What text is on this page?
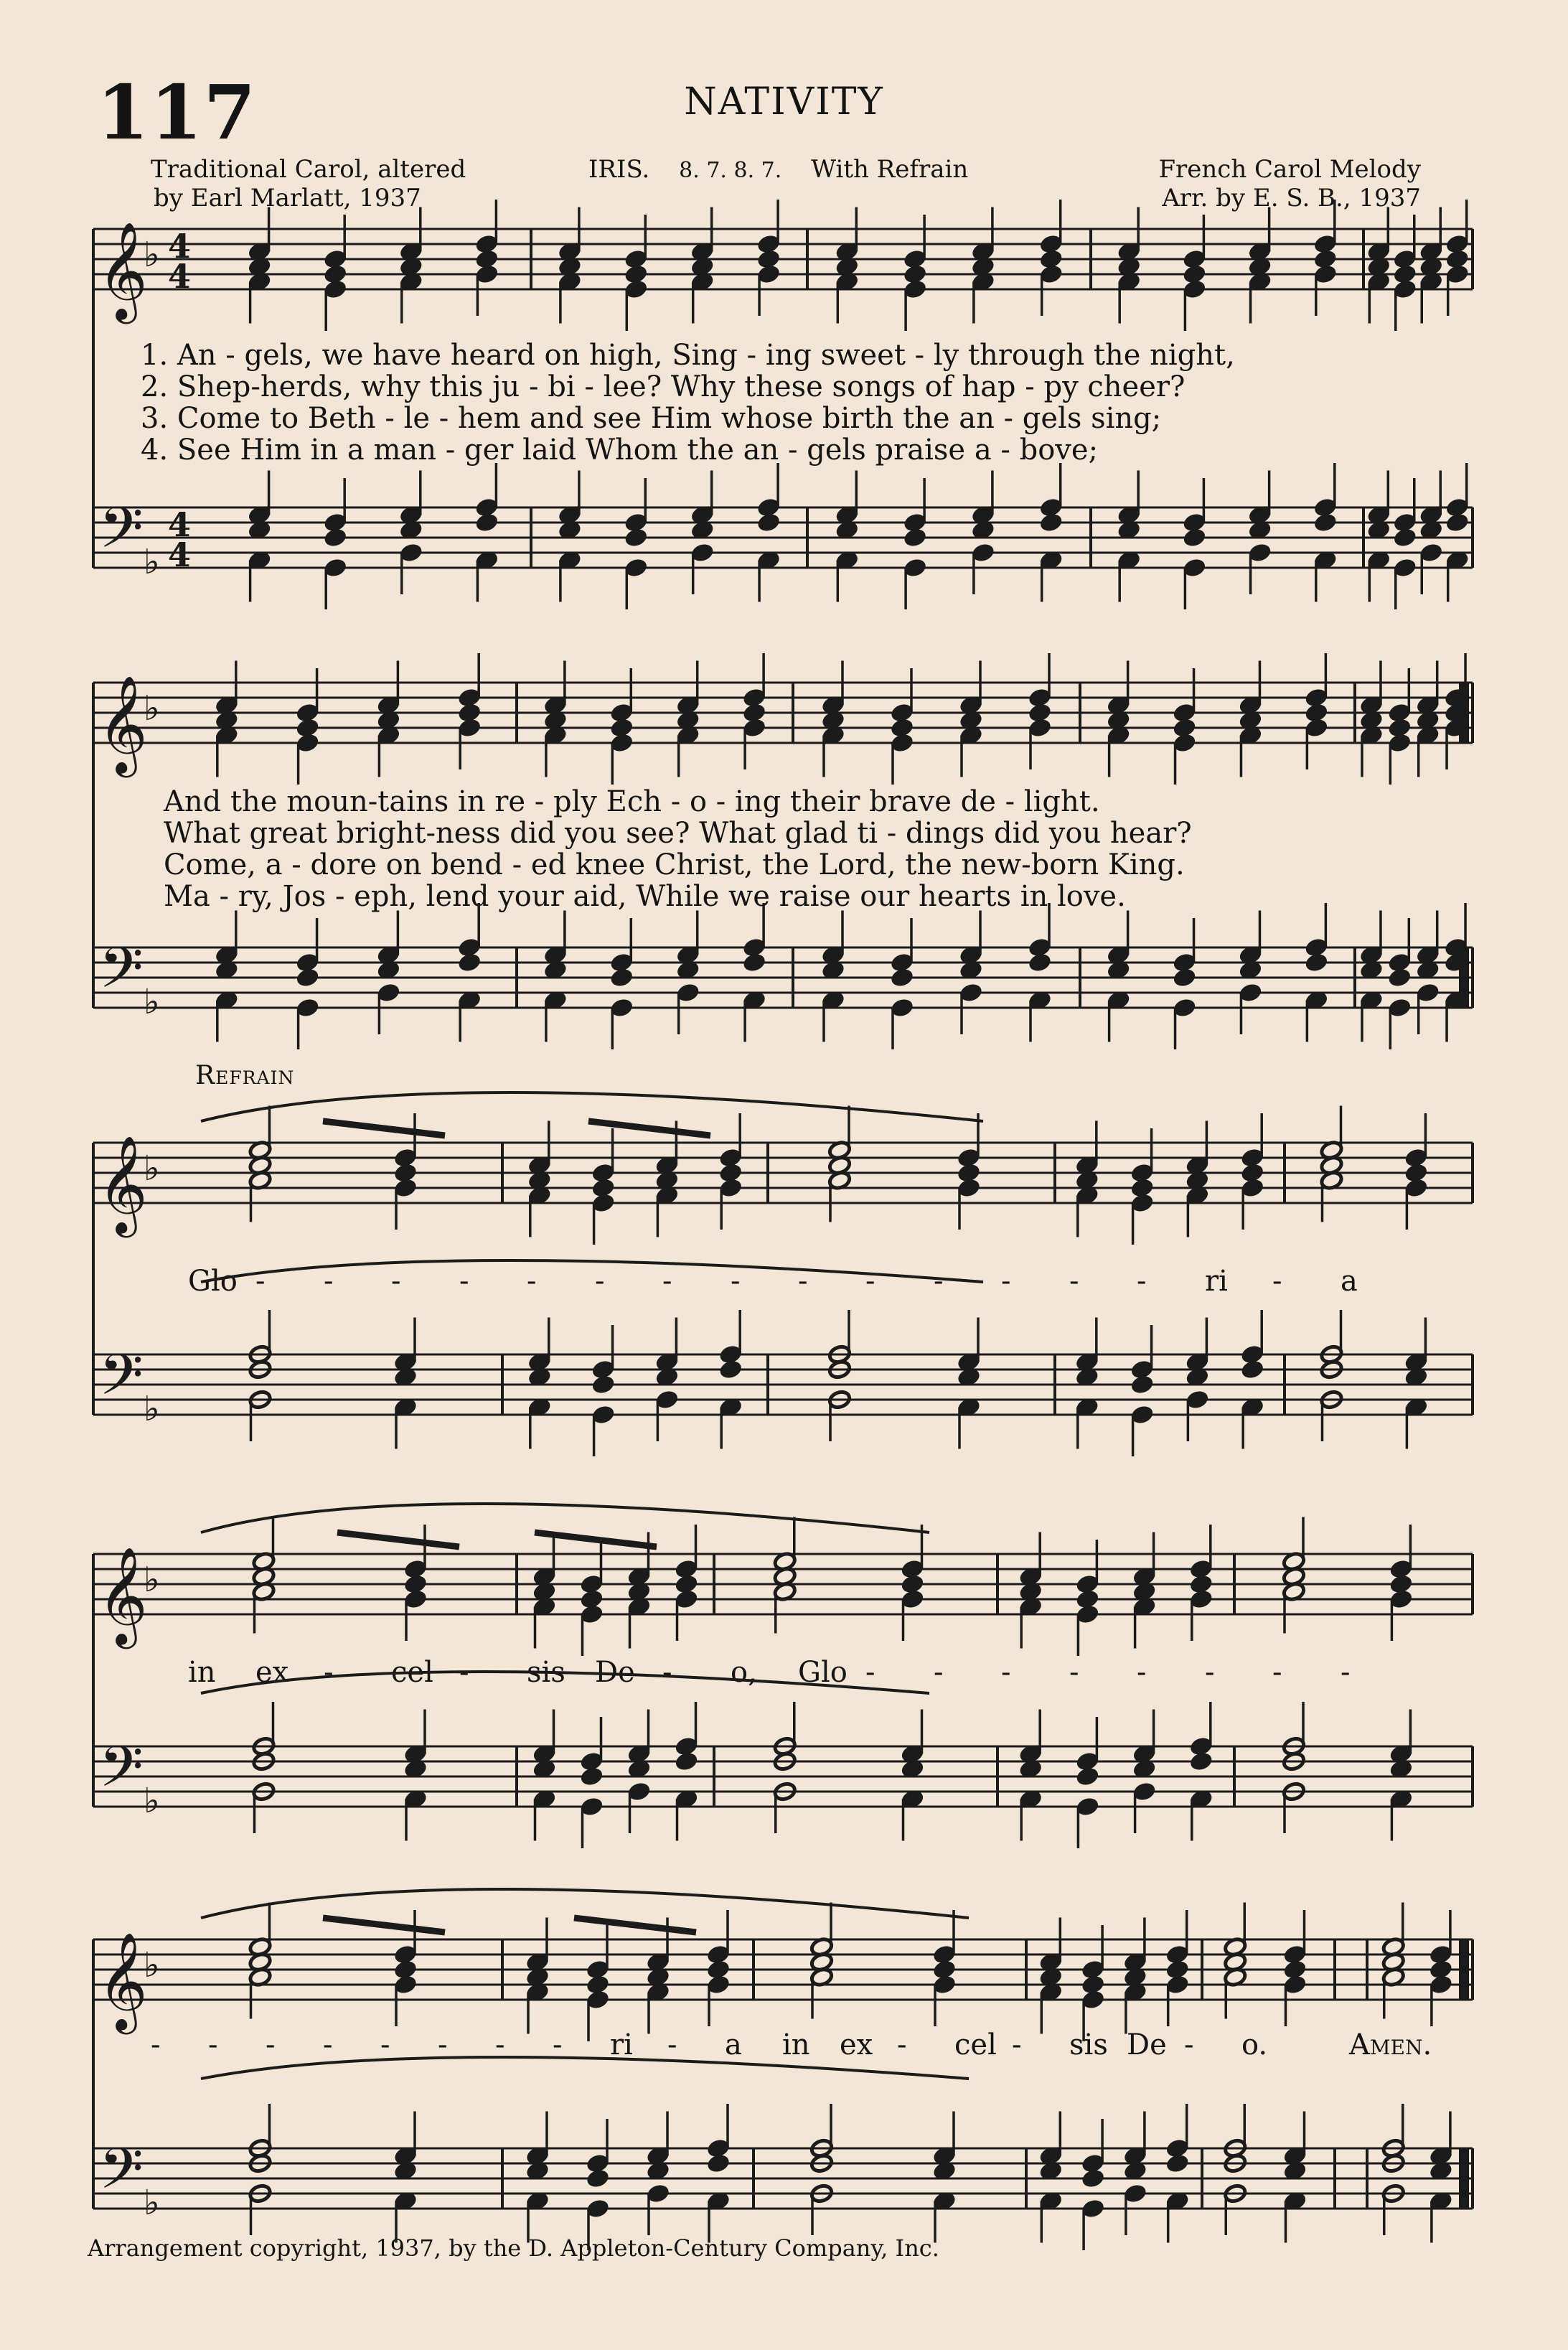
117	NATIVITY
Traditional Carol, altered
by Earl Marlatt, 1937
IRIS. 8. 7. 8. 7. With Refrain	French Carol Melody
Arr. by E. S. B., 1937
1. An - gels, we have heard on high, Sing - ing sweet - ly through the night,
2. Shep-herds, why this ju - bi - lee? Why these songs of hap - py cheer?
3. Come to Beth - le - hem and see Him whose birth the an - gels sing;
4. See Him in a man - ger laid Whom the an - gels praise a - bove;
And the moun-tains in re - ply Ech - o - ing their brave de - light.
What great bright-ness did you see? What glad ti - dings did you hear?
Come, a - dore on bend - ed knee Christ, the Lord, the new-born King.
Ma - ry, Jos - eph, lend your aid, While we raise our hearts in love.
Refrain
Glo - - - - - - - - - - - - - - ri - a
in ex - cel - sis De - o, Glo - - - - - - - -
- - - - - - - - ri - a in ex - cel - sis De - o.	Amen.
Arrangement copyright, 1937, by the D. Appleton-Century Company, Inc.
𝄞
𝄢
♭
♭
4
4
4
4
𝄞
𝄢
♭
♭
𝄞
𝄢
♭
♭
𝄞
𝄢
♭
♭
𝄞
𝄢
♭
♭
